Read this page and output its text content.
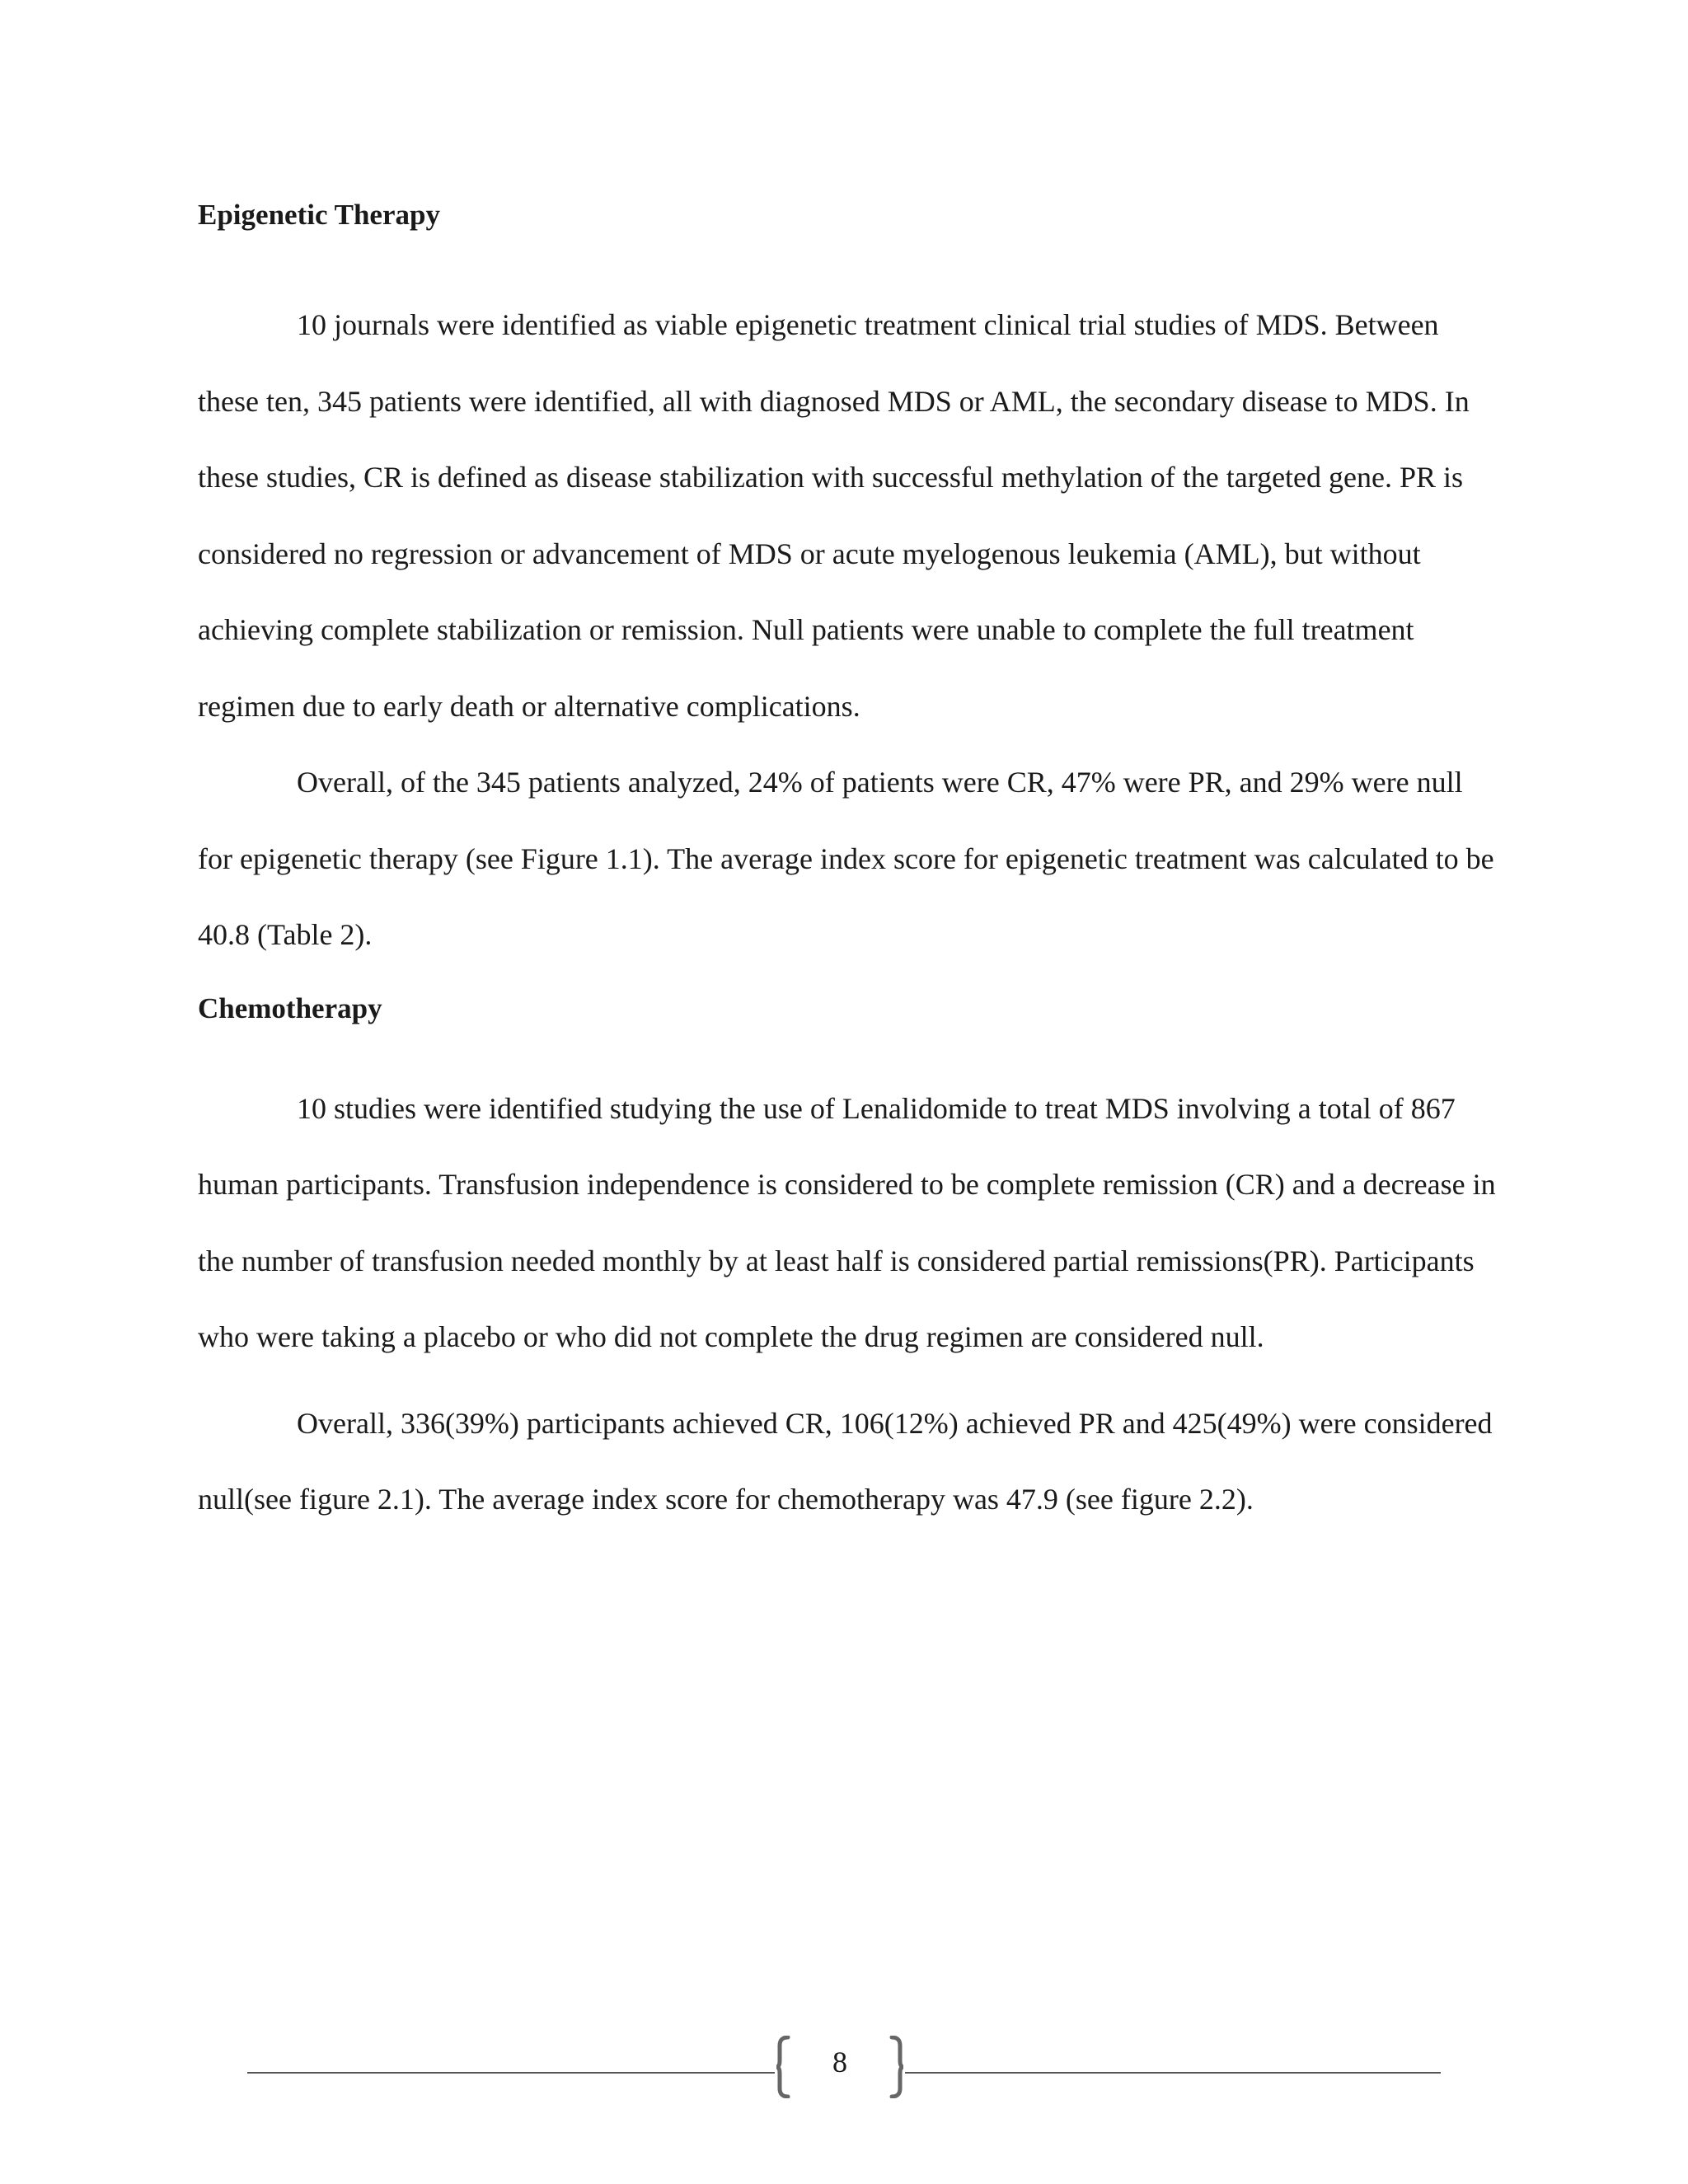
Epigenetic Therapy

10 journals were identified as viable epigenetic treatment clinical trial studies of MDS. Between these ten, 345 patients were identified, all with diagnosed MDS or AML, the secondary disease to MDS. In these studies, CR is defined as disease stabilization with successful methylation of the targeted gene. PR is considered no regression or advancement of MDS or acute myelogenous leukemia (AML), but without achieving complete stabilization or remission. Null patients were unable to complete the full treatment regimen due to early death or alternative complications.

Overall, of the 345 patients analyzed, 24% of patients were CR, 47% were PR, and 29% were null for epigenetic therapy (see Figure 1.1). The average index score for epigenetic treatment was calculated to be 40.8 (Table 2).

Chemotherapy

10 studies were identified studying the use of Lenalidomide to treat MDS involving a total of 867 human participants. Transfusion independence is considered to be complete remission (CR) and a decrease in the number of transfusion needed monthly by at least half is considered partial remissions(PR). Participants who were taking a placebo or who did not complete the drug regimen are considered null.

Overall, 336(39%) participants achieved CR, 106(12%) achieved PR and 425(49%) were considered null(see figure 2.1). The average index score for chemotherapy was 47.9 (see figure 2.2).

8
